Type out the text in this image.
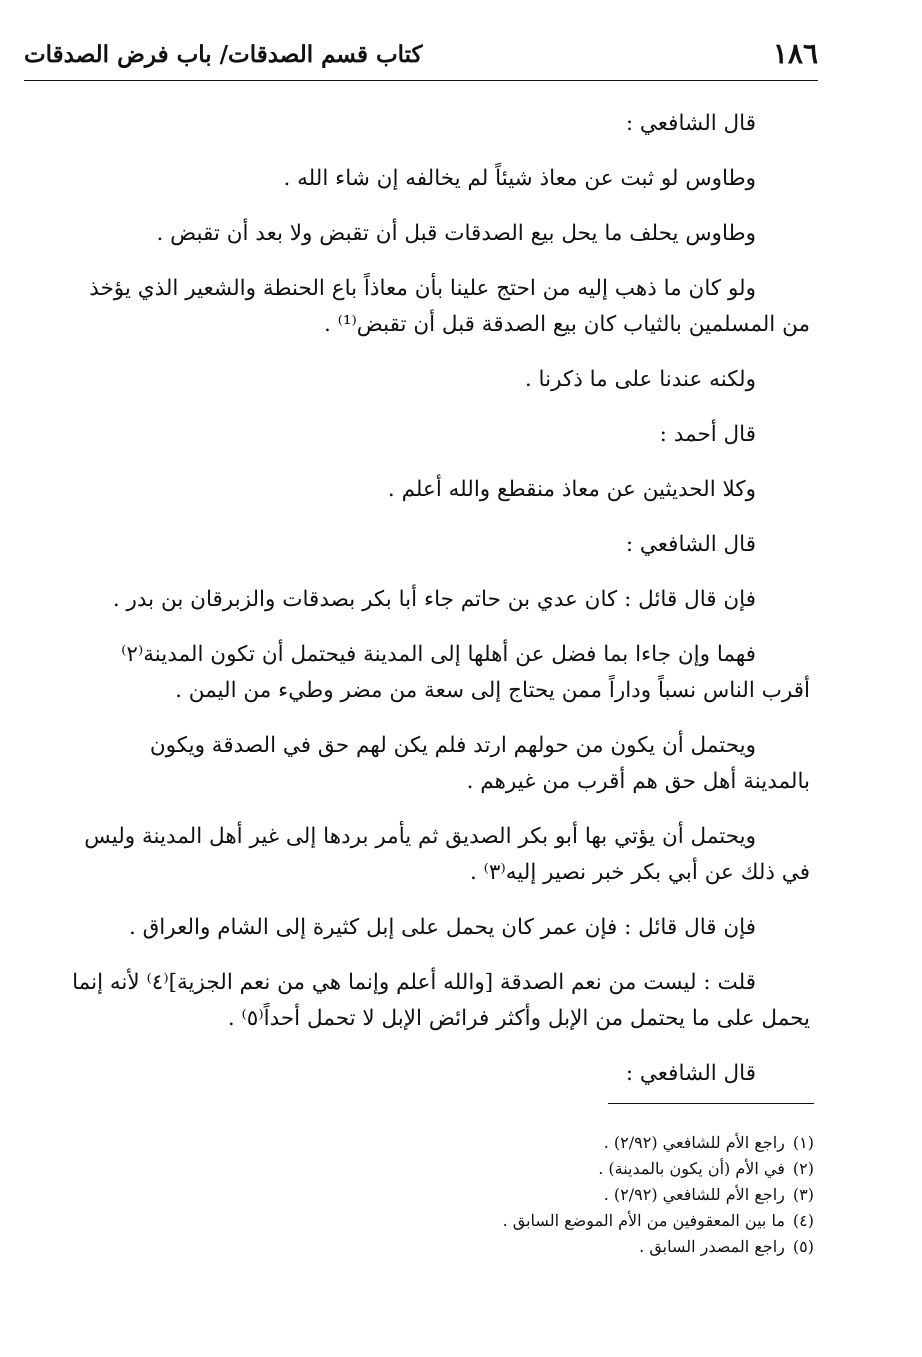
١٨٦
كتاب قسم الصدقات/ باب فرض الصدقات
قال الشافعي :
وطاوس لو ثبت عن معاذ شيئاً لم يخالفه إن شاء الله .
وطاوس يحلف ما يحل بيع الصدقات قبل أن تقبض ولا بعد أن تقبض .
ولو كان ما ذهب إليه من احتج علينا بأن معاذاً باع الحنطة والشعير الذي يؤخذ
من المسلمين بالثياب كان بيع الصدقة قبل أن تقبض⁽¹⁾ .
ولكنه عندنا على ما ذكرنا .
قال أحمد :
وكلا الحديثين عن معاذ منقطع والله أعلم .
قال الشافعي :
فإن قال قائل : كان عدي بن حاتم جاء أبا بكر بصدقات والزبرقان بن بدر .
فهما وإن جاءا بما فضل عن أهلها إلى المدينة فيحتمل أن تكون المدينة⁽٢⁾
أقرب الناس نسباً وداراً ممن يحتاج إلى سعة من مضر وطيء من اليمن .
ويحتمل أن يكون من حولهم ارتد فلم يكن لهم حق في الصدقة ويكون
بالمدينة أهل حق هم أقرب من غيرهم .
ويحتمل أن يؤتي بها أبو بكر الصديق ثم يأمر بردها إلى غير أهل المدينة وليس
في ذلك عن أبي بكر خبر نصير إليه⁽٣⁾ .
فإن قال قائل : فإن عمر كان يحمل على إبل كثيرة إلى الشام والعراق .
قلت : ليست من نعم الصدقة [والله أعلم وإنما هي من نعم الجزية]⁽٤⁾ لأنه إنما
يحمل على ما يحتمل من الإبل وأكثر فرائض الإبل لا تحمل أحداً⁽٥⁾ .
قال الشافعي :
(١)راجع الأم للشافعي (٢/٩٢) .
(٢)في الأم (أن يكون بالمدينة) .
(٣)راجع الأم للشافعي (٢/٩٢) .
(٤)ما بين المعقوفين من الأم الموضع السابق .
(٥)راجع المصدر السابق .
